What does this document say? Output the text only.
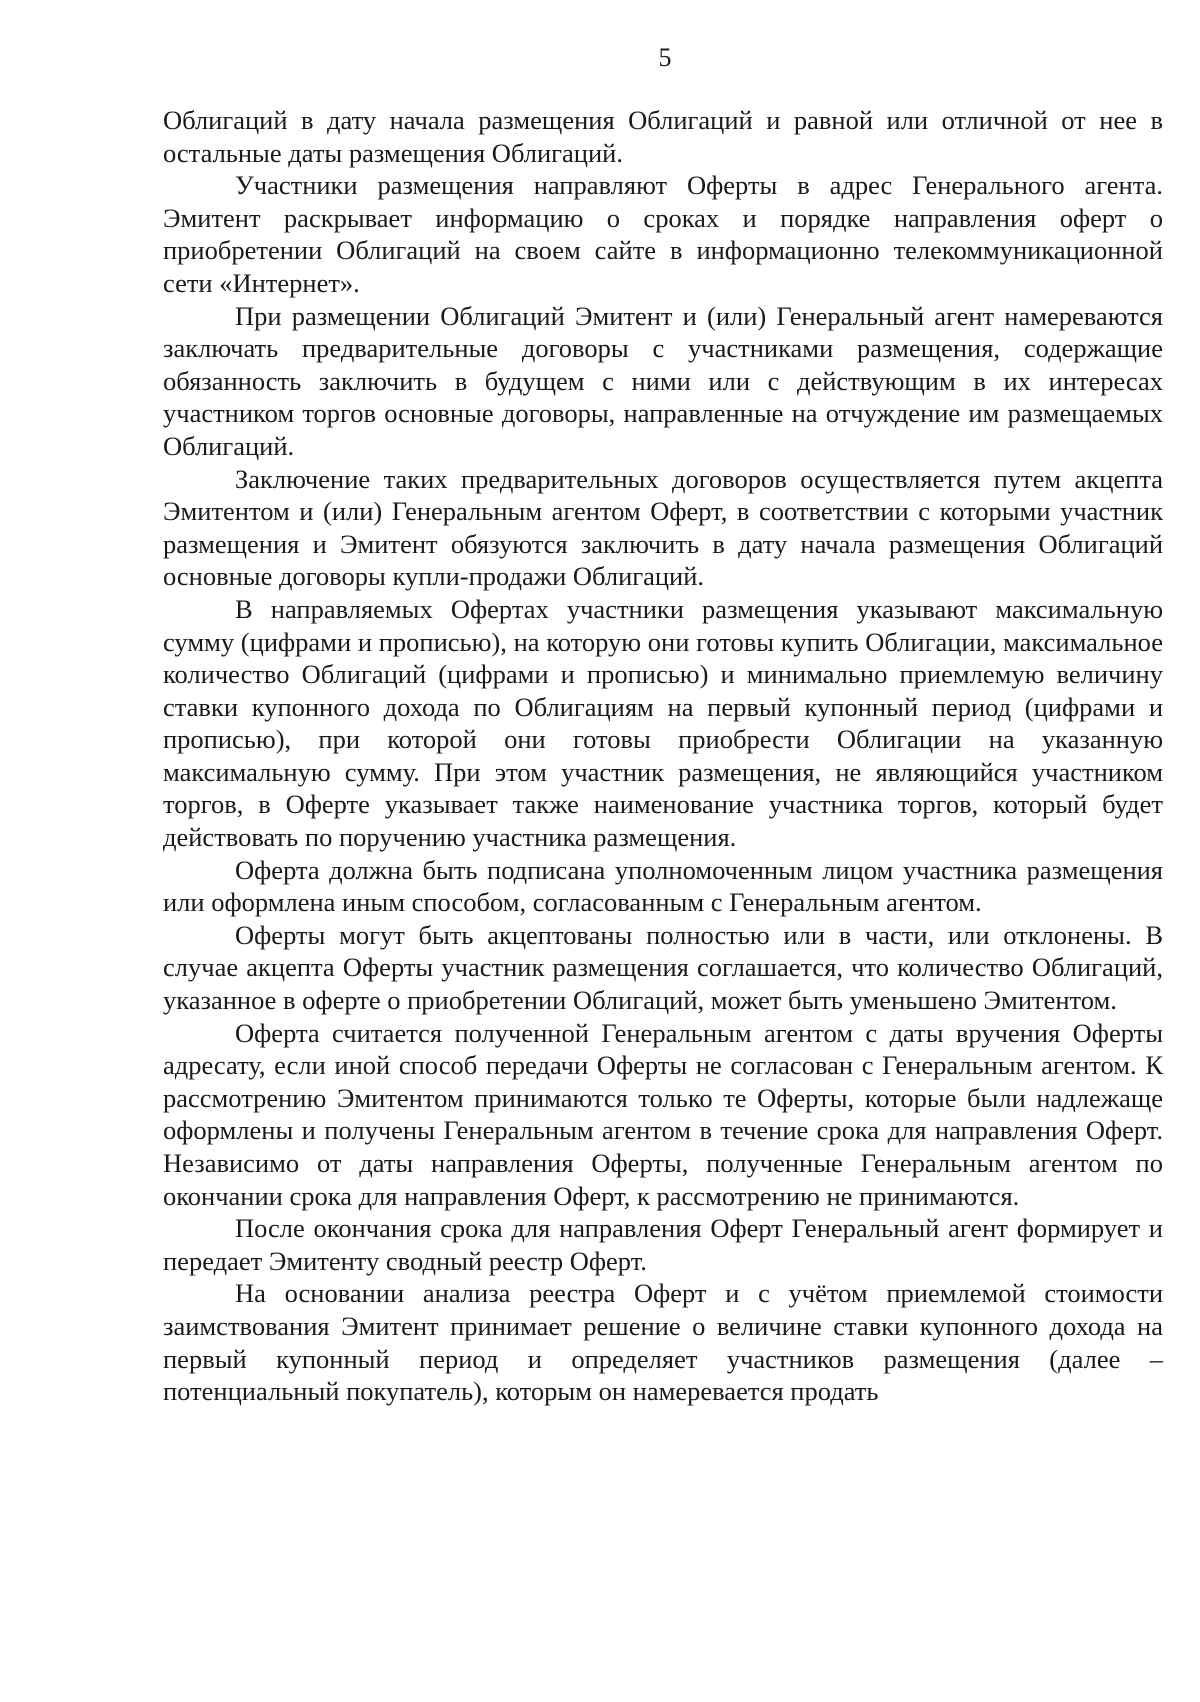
5

Облигаций в дату начала размещения Облигаций и равной или отличной от нее в остальные даты размещения Облигаций.

Участники размещения направляют Оферты в адрес Генерального агента. Эмитент раскрывает информацию о сроках и порядке направления оферт о приобретении Облигаций на своем сайте в информационно телекоммуникационной сети «Интернет».

При размещении Облигаций Эмитент и (или) Генеральный агент намереваются заключать предварительные договоры с участниками размещения, содержащие обязанность заключить в будущем с ними или с действующим в их интересах участником торгов основные договоры, направленные на отчуждение им размещаемых Облигаций.

Заключение таких предварительных договоров осуществляется путем акцепта Эмитентом и (или) Генеральным агентом Оферт, в соответствии с которыми участник размещения и Эмитент обязуются заключить в дату начала размещения Облигаций основные договоры купли-продажи Облигаций.

В направляемых Офертах участники размещения указывают максимальную сумму (цифрами и прописью), на которую они готовы купить Облигации, максимальное количество Облигаций (цифрами и прописью) и минимально приемлемую величину ставки купонного дохода по Облигациям на первый купонный период (цифрами и прописью), при которой они готовы приобрести Облигации на указанную максимальную сумму. При этом участник размещения, не являющийся участником торгов, в Оферте указывает также наименование участника торгов, который будет действовать по поручению участника размещения.

Оферта должна быть подписана уполномоченным лицом участника размещения или оформлена иным способом, согласованным с Генеральным агентом.

Оферты могут быть акцептованы полностью или в части, или отклонены. В случае акцепта Оферты участник размещения соглашается, что количество Облигаций, указанное в оферте о приобретении Облигаций, может быть уменьшено Эмитентом.

Оферта считается полученной Генеральным агентом с даты вручения Оферты адресату, если иной способ передачи Оферты не согласован с Генеральным агентом. К рассмотрению Эмитентом принимаются только те Оферты, которые были надлежаще оформлены и получены Генеральным агентом в течение срока для направления Оферт. Независимо от даты направления Оферты, полученные Генеральным агентом по окончании срока для направления Оферт, к рассмотрению не принимаются.

После окончания срока для направления Оферт Генеральный агент формирует и передает Эмитенту сводный реестр Оферт.

На основании анализа реестра Оферт и с учётом приемлемой стоимости заимствования Эмитент принимает решение о величине ставки купонного дохода на первый купонный период и определяет участников размещения (далее – потенциальный покупатель), которым он намеревается продать
